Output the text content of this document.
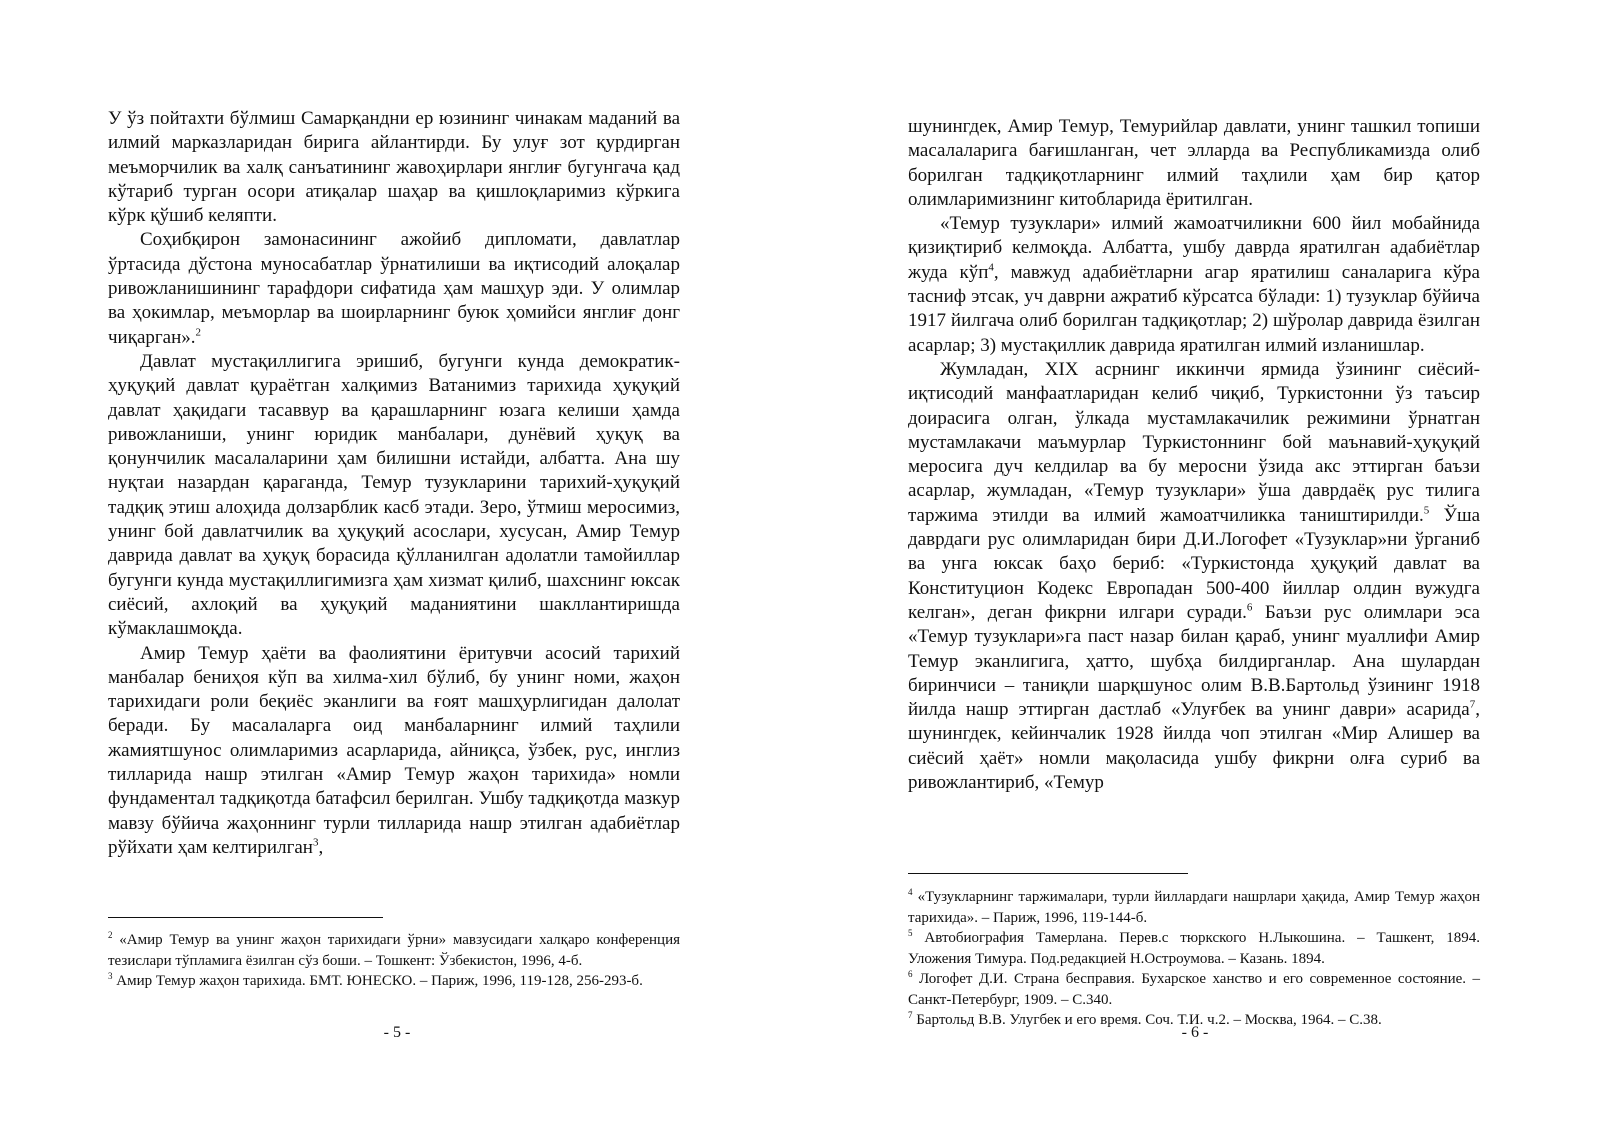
У ўз пойтахти бўлмиш Самарқандни ер юзининг чинакам маданий ва илмий марказларидан бирига айлантирди. Бу улуғ зот қурдирган меъморчилик ва халқ санъатининг жавоҳирлари янглиғ бугунгача қад кўтариб турган осори атиқалар шаҳар ва қишлоқларимиз кўркига кўрк қўшиб келяпти.

Соҳибқирон замонасининг ажойиб дипломати, давлатлар ўртасида дўстона муносабатлар ўрнатилиши ва иқтисодий алоқалар ривожланишининг тарафдори сифатида ҳам машҳур эди. У олимлар ва ҳокимлар, меъморлар ва шоирларнинг буюк ҳомийси янглиғ донг чиқарган».$^2$

Давлат мустақиллигига эришиб, бугунги кунда демократик-ҳуқуқий давлат қураётган халқимиз Ватанимиз тарихида ҳуқуқий давлат ҳақидаги тасаввур ва қарашларнинг юзага келиши ҳамда ривожланиши, унинг юридик манбалари, дунёвий ҳуқуқ ва қонунчилик масалаларини ҳам билишни истайди, албатта. Ана шу нуқтаи назардан қараганда, Темур тузукларини тарихий-ҳуқуқий тадқиқ этиш алоҳида долзарблик касб этади. Зеро, ўтмиш меросимиз, унинг бой давлатчилик ва ҳуқуқий асослари, хусусан, Амир Темур даврида давлат ва ҳуқуқ борасида қўлланилган адолатли тамойиллар бугунги кунда мустақиллигимизга ҳам хизмат қилиб, шахснинг юксак сиёсий, ахлоқий ва ҳуқуқий маданиятини шакллантиришда кўмаклашмоқда.

Амир Темур ҳаёти ва фаолиятини ёритувчи асосий тарихий манбалар бениҳоя кўп ва хилма-хил бўлиб, бу унинг номи, жаҳон тарихидаги роли беқиёс эканлиги ва ғоят машҳурлигидан далолат беради. Бу масалаларга оид манбаларнинг илмий таҳлили жамиятшунос олимларимиз асарларида, айниқса, ўзбек, рус, инглиз тилларида нашр этилган «Амир Темур жаҳон тарихида» номли фундаментал тадқиқотда батафсил берилган. Ушбу тадқиқотда мазкур мавзу бўйича жаҳоннинг турли тилларида нашр этилган адабиётлар рўйхати ҳам келтирилган$^3$,

$^2$ «Амир Темур ва унинг жаҳон тарихидаги ўрни» мавзусидаги халқаро конференция тезислари тўпламига ёзилган сўз боши. – Тошкент: Ўзбекистон, 1996, 4-б.

$^3$ Амир Темур жаҳон тарихида. БМТ. ЮНЕСКО. – Париж, 1996, 119-128, 256-293-б.

- 5 -

шунингдек, Амир Темур, Темурийлар давлати, унинг ташкил топиши масалаларига бағишланган, чет элларда ва Республикамизда олиб борилган тадқиқотларнинг илмий таҳлили ҳам бир қатор олимларимизнинг китобларида ёритилган.

«Темур тузуклари» илмий жамоатчиликни 600 йил мобайнида қизиқтириб келмоқда. Албатта, ушбу даврда яратилган адабиётлар жуда кўп$^4$, мавжуд адабиётларни агар яратилиш саналарига кўра тасниф этсак, уч даврни ажратиб кўрсатса бўлади: 1) тузуклар бўйича 1917 йилгача олиб борилган тадқиқотлар; 2) шўролар даврида ёзилган асарлар; 3) мустақиллик даврида яратилган илмий изланишлар.

Жумладан, XIX асрнинг иккинчи ярмида ўзининг сиёсий-иқтисодий манфаатларидан келиб чиқиб, Туркистонни ўз таъсир доирасига олган, ўлкада мустамлакачилик режимини ўрнатган мустамлакачи маъмурлар Туркистоннинг бой маънавий-ҳуқуқий меросига дуч келдилар ва бу меросни ўзида акс эттирган баъзи асарлар, жумладан, «Темур тузуклари» ўша даврдаёқ рус тилига таржима этилди ва илмий жамоатчиликка таништирилди.$^5$ Ўша даврдаги рус олимларидан бири Д.И.Логофет «Тузуклар»ни ўрганиб ва унга юксак баҳо бериб: «Туркистонда ҳуқуқий давлат ва Конституцион Кодекс Европадан 500-400 йиллар олдин вужудга келган», деган фикрни илгари суради.$^6$ Баъзи рус олимлари эса «Темур тузуклари»га паст назар билан қараб, унинг муаллифи Амир Темур эканлигига, ҳатто, шубҳа билдирганлар. Ана шулардан биринчиси – таниқли шарқшунос олим В.В.Бартольд ўзининг 1918 йилда нашр эттирган дастлаб «Улуғбек ва унинг даври» асарида$^7$, шунингдек, кейинчалик 1928 йилда чоп этилган «Мир Алишер ва сиёсий ҳаёт» номли мақоласида ушбу фикрни олға суриб ва ривожлантириб, «Темур

$^4$ «Тузукларнинг таржималари, турли йиллардаги нашрлари ҳақида, Амир Темур жаҳон тарихида». – Париж, 1996, 119-144-б.

$^5$ Автобиография Тамерлана. Перев.с тюркского Н.Лыкошина. – Ташкент, 1894. Уложения Тимура. Под.редакцией Н.Остроумова. – Казань. 1894.

$^6$ Логофет Д.И. Страна бесправия. Бухарское ханство и его современное состояние. – Санкт-Петербург, 1909. – С.340.

$^7$ Бартольд В.В. Улугбек и его время. Соч. Т.И. ч.2. – Москва, 1964. – С.38.

- 6 -
